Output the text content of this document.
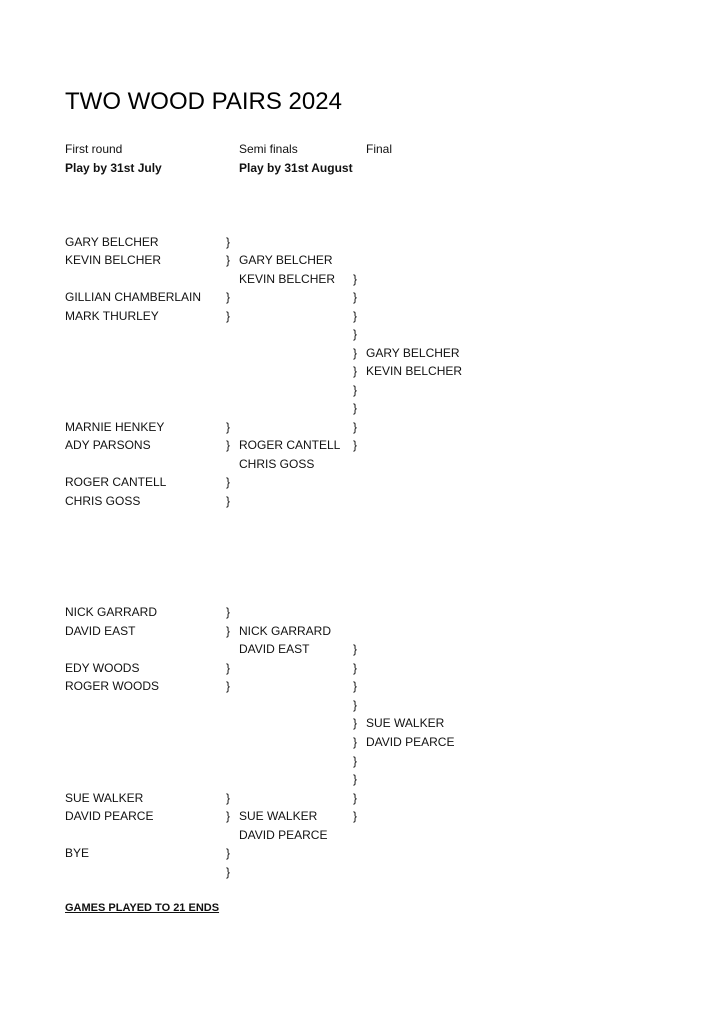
TWO WOOD PAIRS 2024
First round
Play by 31st July
Semi finals
Play by 31st August
Final
GARY BELCHER
KEVIN BELCHER
GILLIAN CHAMBERLAIN
MARK THURLEY
MARNIE HENKEY
ADY PARSONS
ROGER CANTELL
CHRIS GOSS
}
}
}
}
}
}
}
}
GARY BELCHER
KEVIN BELCHER
ROGER CANTELL
CHRIS GOSS
}
}
}
}
}
}
}
}
}
}
GARY BELCHER
KEVIN BELCHER
NICK GARRARD
DAVID EAST
EDY WOODS
ROGER WOODS
SUE WALKER
DAVID PEARCE
BYE
}
}
}
}
}
}
}
}
NICK GARRARD
DAVID EAST
SUE WALKER
DAVID PEARCE
}
}
}
}
}
}
}
}
}
}
SUE WALKER
DAVID PEARCE
GAMES PLAYED TO 21 ENDS
